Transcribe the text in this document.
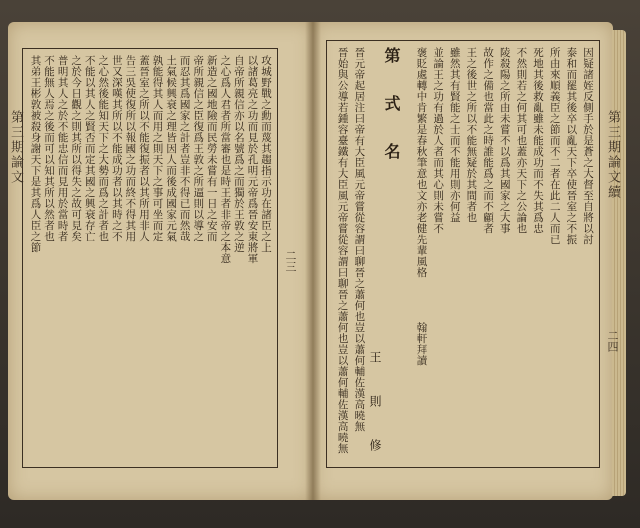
第三期論文	第三期論文續
二三
二四
攻城野戰之勳而蔑其趨指示功在諸臣之上
以諸葛亮之功而見於孔明元帝爲晉安東將軍
自帝所親信亦以名號爲之而獨於王敦之逆
之心爲人君者所當審也是時王者非帝之本意
新造之國地險而民勞未嘗有一日之安而
帝所親信之臣復爲王敦之所逼則以導之
而忍其爲國家之計者豈非不得已而然哉
土氣候興衰之理皆因人而後成國家元氣
孰能得其人而用之則天下之事可坐而定
蓋晉室之所以不能復振者以其所用非人
告三吳使復所以報國之功而終不得其用
世又深嘆其所以不能成功者以其時之不
之心然後能知天下之大勢而爲之計者也
不能以其人之賢否而定其國之興衰存亡
之於今日觀之則其所以得失之故可見矣
普明其人之於不能忠信而見用於當時者
不能無人焉之後而可以知其所以然者也
其弟王彬敦被殺身謝天下是其爲人臣之節	因疑諸姪反側手於是蒼之大督至自將以討
泰和而罷其後卒以亂天下卒使晉室之不振
所由來順義臣之節而不二者在此二人而已
死地其後救亂雖未能成功而不失其爲忠
不然則若之何其可也蓋亦天下之公論也
陵殺陽之所由未嘗不以爲其國家之大事
故作之備也當此之時誰能爲之而不顧者
王之後世之所以不能無疑於其間者也
雖然其有賢能之士而不能用則亦何益
並論王之功有過於人者而其心則未嘗不
褒貶處轉中肯繁是春秋筆意也文亦老健先輩風格　　　　翰軒拜讀
第　式　名
王　則　修
晉元帝起居注曰帝有大臣風元帝嘗從容謂曰聊晉之蕭何也豈以蕭何輔佐漢高曉無
晉始與公導若鍾容臺鐵有大臣風元帝嘗從容謂曰聊晉之蕭何也豈以蕭何輔佐漢高曉無
